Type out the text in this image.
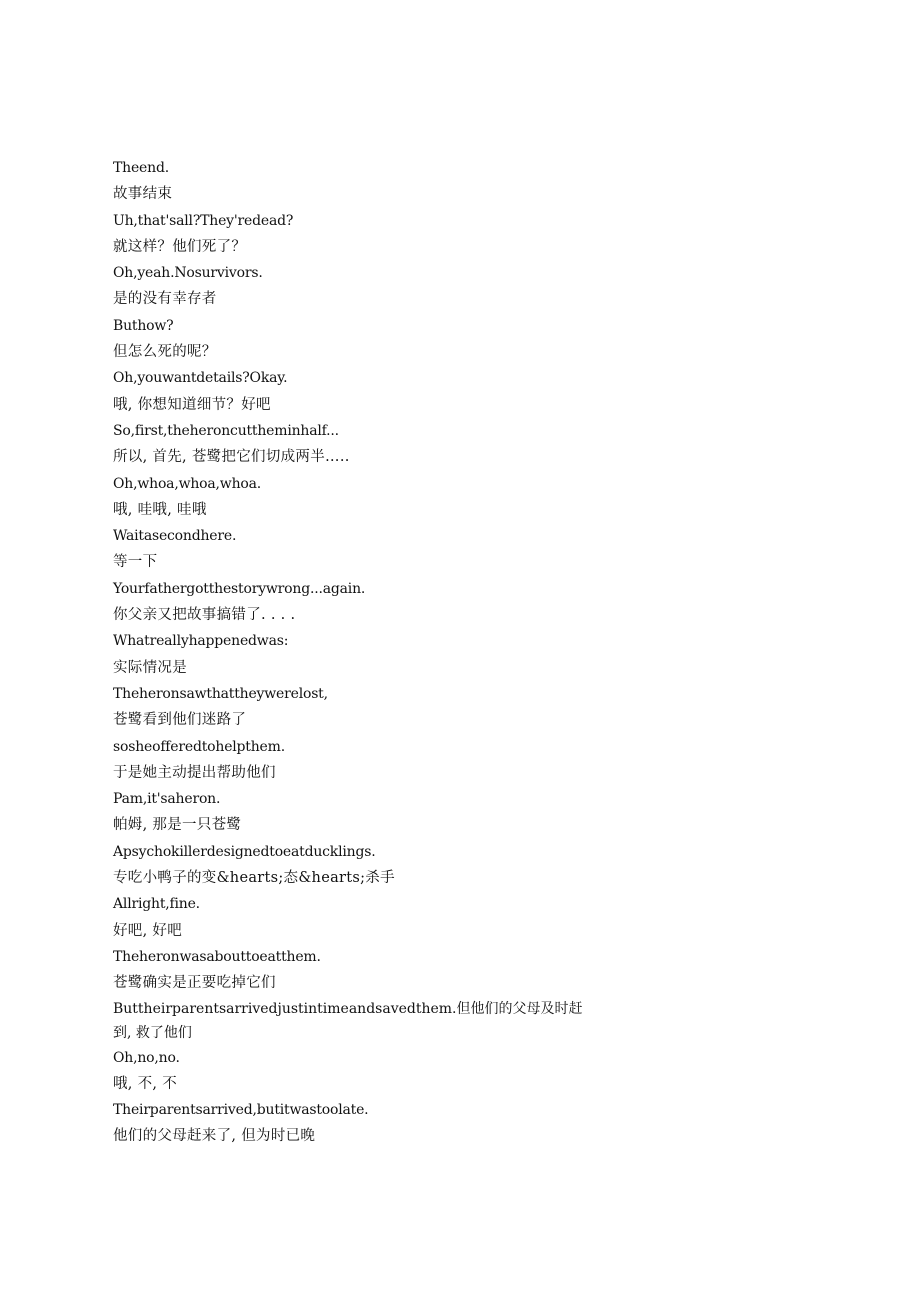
Theend.
故事结束
Uh,that'sall?They'redead?
就这样？他们死了？
Oh,yeah.Nosurvivors.
是的没有幸存者
Buthow?
但怎么死的呢？
Oh,youwantdetails?Okay.
哦, 你想知道细节？好吧
So,first,theheroncuttheminhalf...
所以, 首先, 苍鹭把它们切成两半…..
Oh,whoa,whoa,whoa.
哦, 哇哦, 哇哦
Waitasecondhere.
等一下
Yourfathergotthestorywrong...again.
你父亲又把故事搞错了. . . .
Whatreallyhappenedwas:
实际情况是
Theheronsawthattheywerelost,
苍鹭看到他们迷路了
sosheofferedtohelpthem.
于是她主动提出帮助他们
Pam,it'saheron.
帕姆, 那是一只苍鹭
Apsychokillerdesignedtoeatducklings.
专吃小鸭子的变&hearts;态&hearts;杀手
Allright,fine.
好吧, 好吧
Theheronwasabouttoeatthem.
苍鹭确实是正要吃掉它们
Buttheirparentsarrivedjustintimeandsavedthem.但他们的父母及时赶到, 救了他们
Oh,no,no.
哦, 不, 不
Theirparentsarrived,butitwastoolate.
他们的父母赶来了, 但为时已晚
